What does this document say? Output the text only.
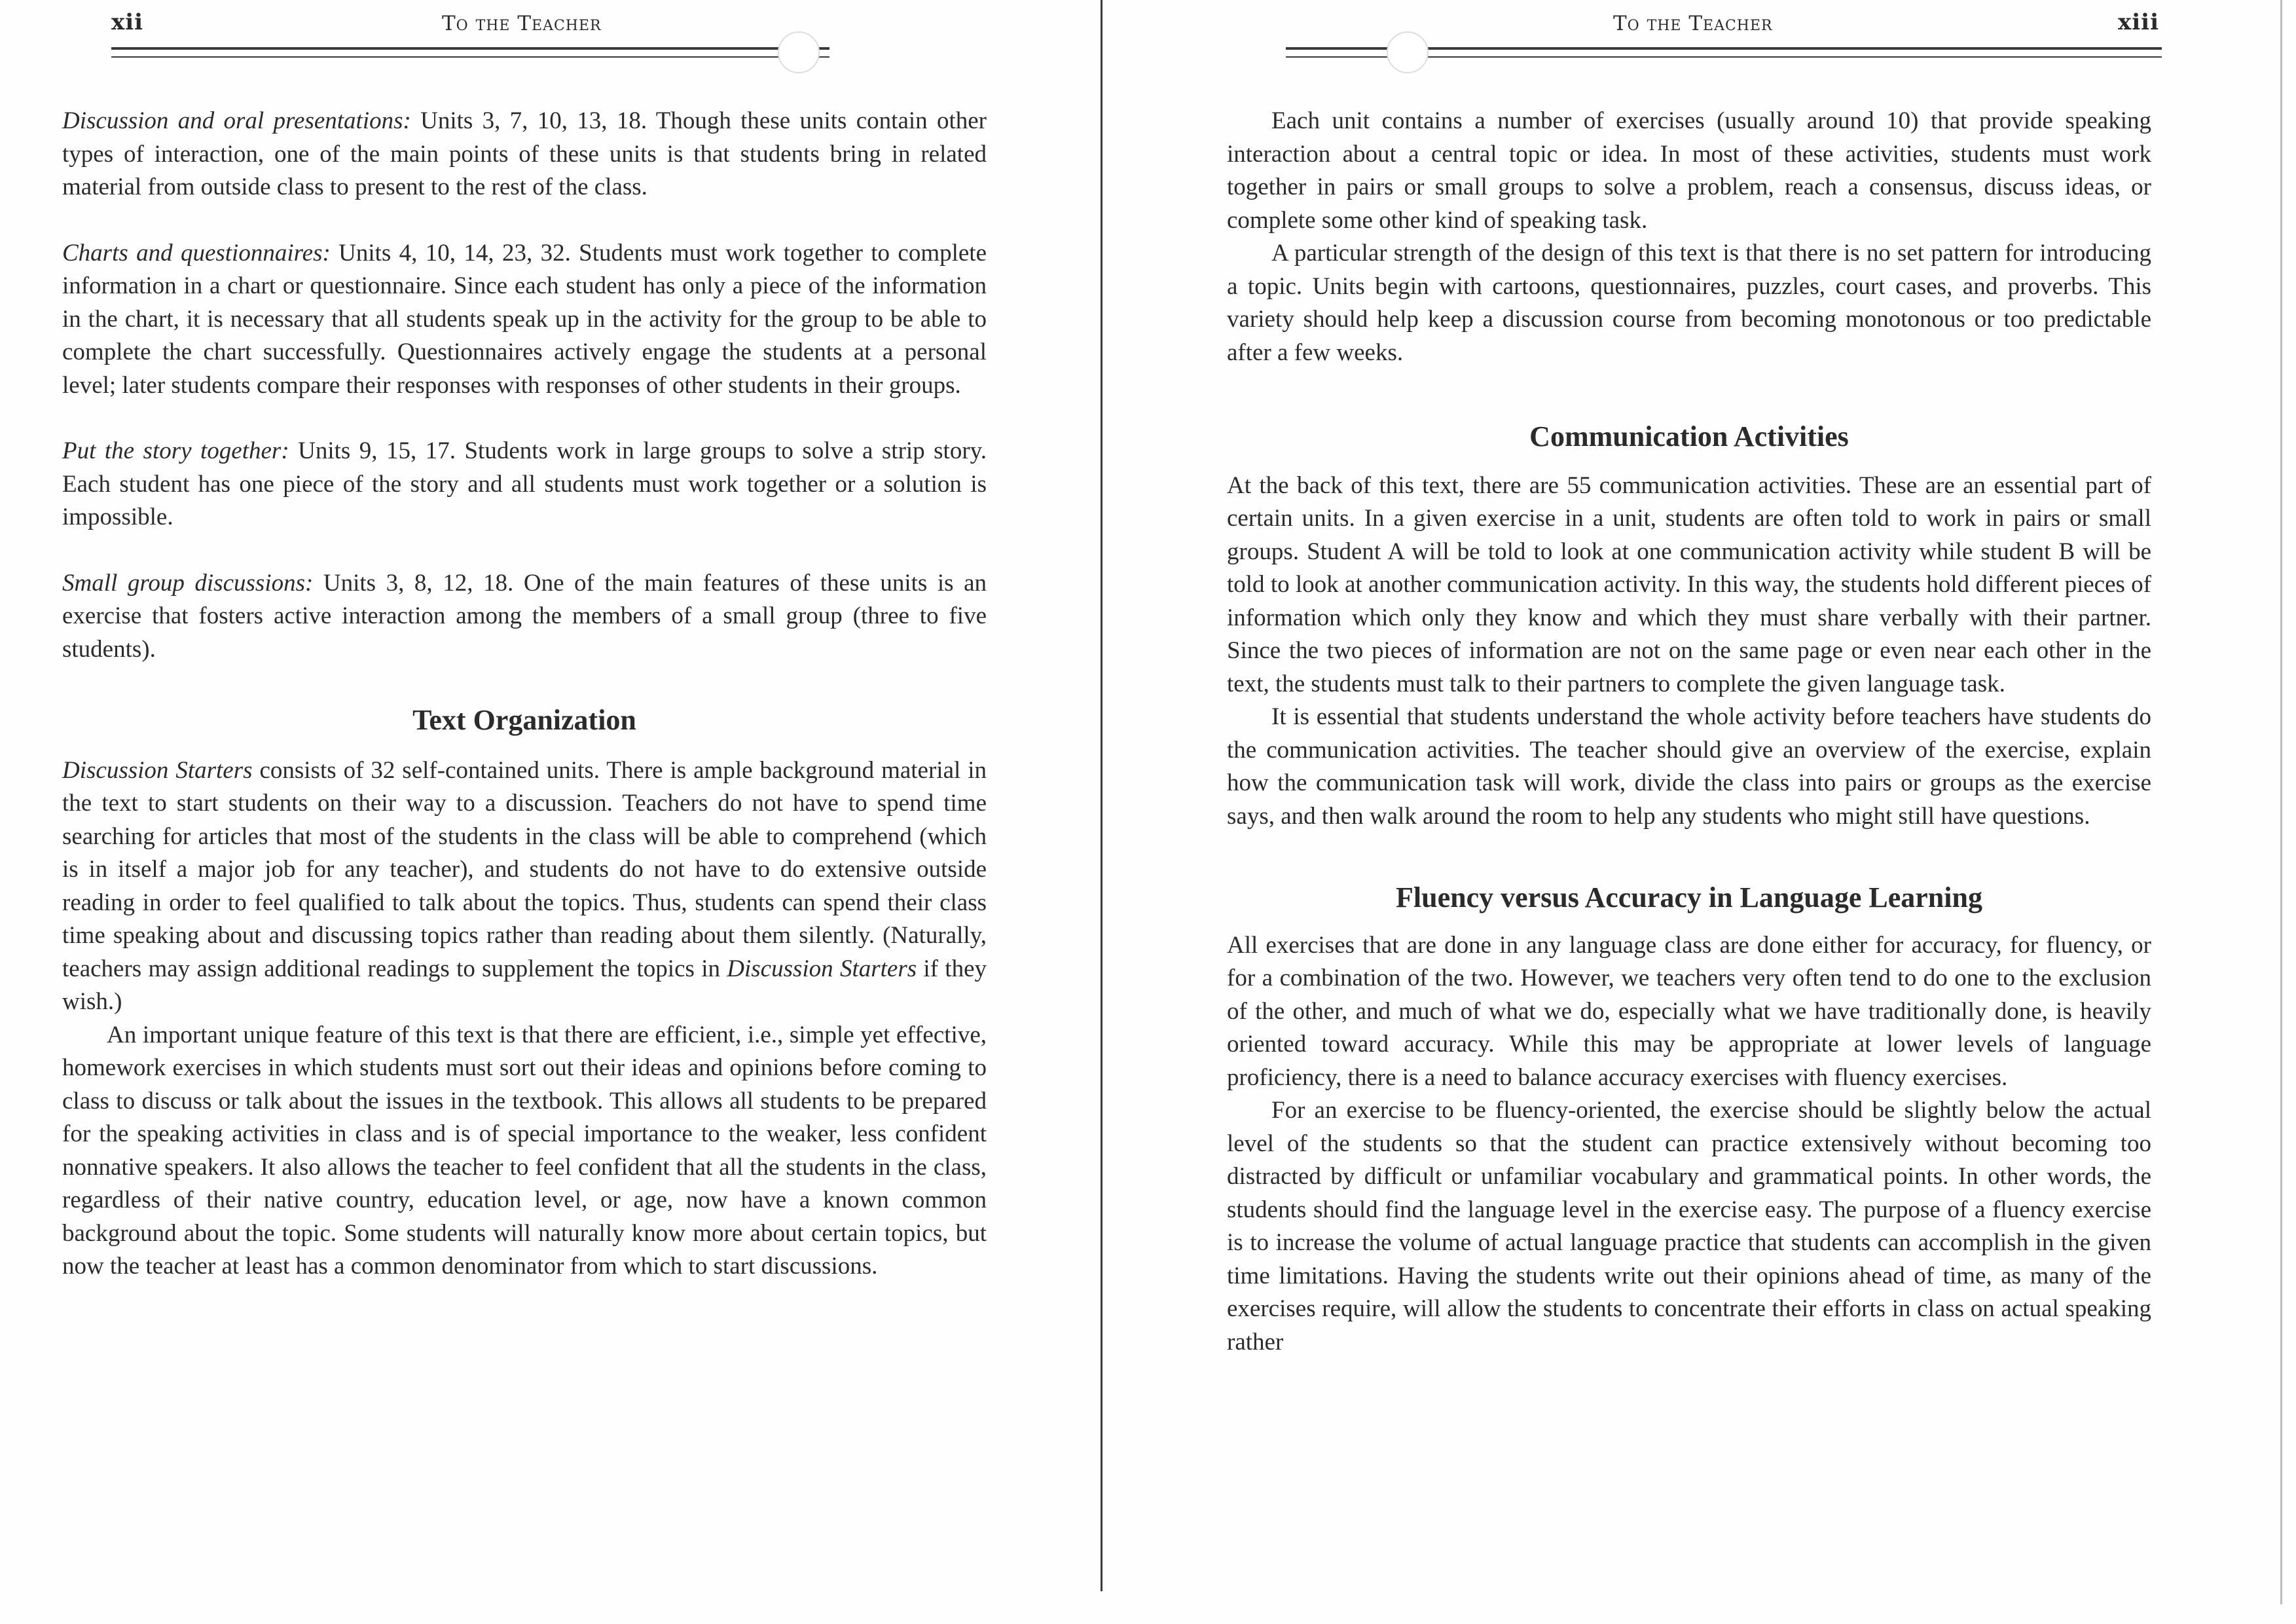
xii	To the Teacher

Discussion and oral presentations: Units 3, 7, 10, 13, 18. Though these units contain other types of interaction, one of the main points of these units is that students bring in related material from outside class to present to the rest of the class.

Charts and questionnaires: Units 4, 10, 14, 23, 32. Students must work together to complete information in a chart or questionnaire. Since each student has only a piece of the information in the chart, it is necessary that all students speak up in the activity for the group to be able to complete the chart successfully. Questionnaires actively engage the students at a personal level; later students compare their responses with responses of other students in their groups.

Put the story together: Units 9, 15, 17. Students work in large groups to solve a strip story. Each student has one piece of the story and all students must work together or a solution is impossible.

Small group discussions: Units 3, 8, 12, 18. One of the main features of these units is an exercise that fosters active interaction among the members of a small group (three to five students).

Text Organization

Discussion Starters consists of 32 self-contained units. There is ample background material in the text to start students on their way to a discussion. Teachers do not have to spend time searching for articles that most of the students in the class will be able to comprehend (which is in itself a major job for any teacher), and students do not have to do extensive outside reading in order to feel qualified to talk about the topics. Thus, students can spend their class time speaking about and discussing topics rather than reading about them silently. (Naturally, teachers may assign additional readings to supplement the topics in Discussion Starters if they wish.)

An important unique feature of this text is that there are efficient, i.e., simple yet effective, homework exercises in which students must sort out their ideas and opinions before coming to class to discuss or talk about the issues in the textbook. This allows all students to be prepared for the speaking activities in class and is of special importance to the weaker, less confident nonnative speakers. It also allows the teacher to feel confident that all the students in the class, regardless of their native country, education level, or age, now have a known common background about the topic. Some students will naturally know more about certain topics, but now the teacher at least has a common denominator from which to start discussions.

To the Teacher	xiii

Each unit contains a number of exercises (usually around 10) that provide speaking interaction about a central topic or idea. In most of these activities, students must work together in pairs or small groups to solve a problem, reach a consensus, discuss ideas, or complete some other kind of speaking task.

A particular strength of the design of this text is that there is no set pattern for introducing a topic. Units begin with cartoons, questionnaires, puzzles, court cases, and proverbs. This variety should help keep a discussion course from becoming monotonous or too predictable after a few weeks.

Communication Activities

At the back of this text, there are 55 communication activities. These are an essential part of certain units. In a given exercise in a unit, students are often told to work in pairs or small groups. Student A will be told to look at one communication activity while student B will be told to look at another communication activity. In this way, the students hold different pieces of information which only they know and which they must share verbally with their partner. Since the two pieces of information are not on the same page or even near each other in the text, the students must talk to their partners to complete the given language task.

It is essential that students understand the whole activity before teachers have students do the communication activities. The teacher should give an overview of the exercise, explain how the communication task will work, divide the class into pairs or groups as the exercise says, and then walk around the room to help any students who might still have questions.

Fluency versus Accuracy in Language Learning

All exercises that are done in any language class are done either for accuracy, for fluency, or for a combination of the two. However, we teachers very often tend to do one to the exclusion of the other, and much of what we do, especially what we have traditionally done, is heavily oriented toward accuracy. While this may be appropriate at lower levels of language proficiency, there is a need to balance accuracy exercises with fluency exercises.

For an exercise to be fluency-oriented, the exercise should be slightly below the actual level of the students so that the student can practice extensively without becoming too distracted by difficult or unfamiliar vocabulary and grammatical points. In other words, the students should find the language level in the exercise easy. The purpose of a fluency exercise is to increase the volume of actual language practice that students can accomplish in the given time limitations. Having the students write out their opinions ahead of time, as many of the exercises require, will allow the students to concentrate their efforts in class on actual speaking rather
